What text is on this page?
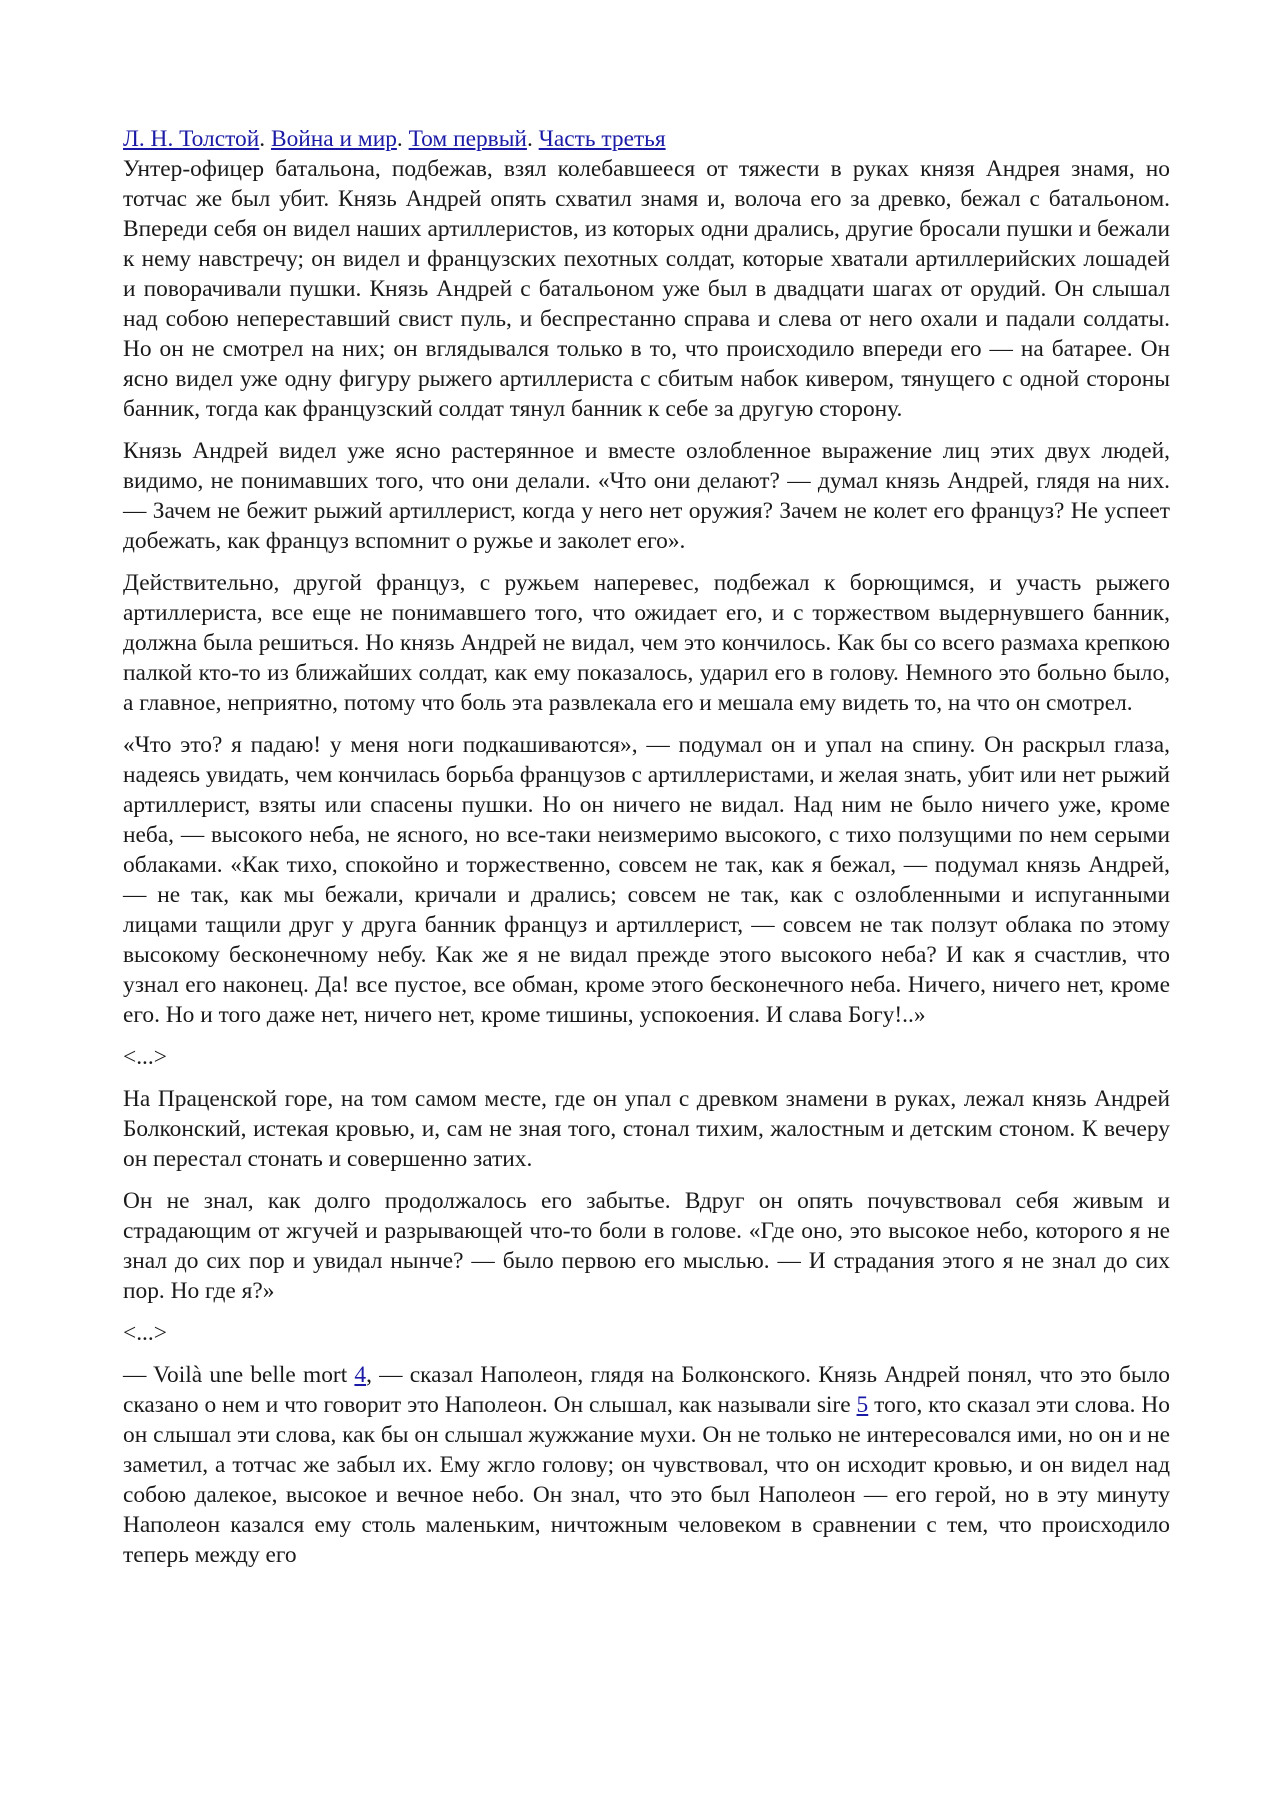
Л. Н. Толстой. Война и мир. Том первый. Часть третья

Унтер-офицер батальона, подбежав, взял колебавшееся от тяжести в руках князя Андрея знамя, но тотчас же был убит. Князь Андрей опять схватил знамя и, волоча его за древко, бежал с батальоном. Впереди себя он видел наших артиллеристов, из которых одни дрались, другие бросали пушки и бежали к нему навстречу; он видел и французских пехотных солдат, которые хватали артиллерийских лошадей и поворачивали пушки. Князь Андрей с батальоном уже был в двадцати шагах от орудий. Он слышал над собою непереставший свист пуль, и беспрестанно справа и слева от него охали и падали солдаты. Но он не смотрел на них; он вглядывался только в то, что происходило впереди его — на батарее. Он ясно видел уже одну фигуру рыжего артиллериста с сбитым набок кивером, тянущего с одной стороны банник, тогда как французский солдат тянул банник к себе за другую сторону.

Князь Андрей видел уже ясно растерянное и вместе озлобленное выражение лиц этих двух людей, видимо, не понимавших того, что они делали. «Что они делают? — думал князь Андрей, глядя на них. — Зачем не бежит рыжий артиллерист, когда у него нет оружия? Зачем не колет его француз? Не успеет добежать, как француз вспомнит о ружье и заколет его».

Действительно, другой француз, с ружьем наперевес, подбежал к борющимся, и участь рыжего артиллериста, все еще не понимавшего того, что ожидает его, и с торжеством выдернувшего банник, должна была решиться. Но князь Андрей не видал, чем это кончилось. Как бы со всего размаха крепкою палкой кто-то из ближайших солдат, как ему показалось, ударил его в голову. Немного это больно было, а главное, неприятно, потому что боль эта развлекала его и мешала ему видеть то, на что он смотрел.

«Что это? я падаю! у меня ноги подкашиваются», — подумал он и упал на спину. Он раскрыл глаза, надеясь увидать, чем кончилась борьба французов с артиллеристами, и желая знать, убит или нет рыжий артиллерист, взяты или спасены пушки. Но он ничего не видал. Над ним не было ничего уже, кроме неба, — высокого неба, не ясного, но все-таки неизмеримо высокого, с тихо ползущими по нем серыми облаками. «Как тихо, спокойно и торжественно, совсем не так, как я бежал, — подумал князь Андрей, — не так, как мы бежали, кричали и дрались; совсем не так, как с озлобленными и испуганными лицами тащили друг у друга банник француз и артиллерист, — совсем не так ползут облака по этому высокому бесконечному небу. Как же я не видал прежде этого высокого неба? И как я счастлив, что узнал его наконец. Да! все пустое, все обман, кроме этого бесконечного неба. Ничего, ничего нет, кроме его. Но и того даже нет, ничего нет, кроме тишины, успокоения. И слава Богу!..»

<...>

На Праценской горе, на том самом месте, где он упал с древком знамени в руках, лежал князь Андрей Болконский, истекая кровью, и, сам не зная того, стонал тихим, жалостным и детским стоном. К вечеру он перестал стонать и совершенно затих.

Он не знал, как долго продолжалось его забытье. Вдруг он опять почувствовал себя живым и страдающим от жгучей и разрывающей что-то боли в голове. «Где оно, это высокое небо, которого я не знал до сих пор и увидал нынче? — было первою его мыслью. — И страдания этого я не знал до сих пор. Но где я?»

<...>

— Voilà une belle mort 4, — сказал Наполеон, глядя на Болконского. Князь Андрей понял, что это было сказано о нем и что говорит это Наполеон. Он слышал, как называли sire 5 того, кто сказал эти слова. Но он слышал эти слова, как бы он слышал жужжание мухи. Он не только не интересовался ими, но он и не заметил, а тотчас же забыл их. Ему жгло голову; он чувствовал, что он исходит кровью, и он видел над собою далекое, высокое и вечное небо. Он знал, что это был Наполеон — его герой, но в эту минуту Наполеон казался ему столь маленьким, ничтожным человеком в сравнении с тем, что происходило теперь между его
